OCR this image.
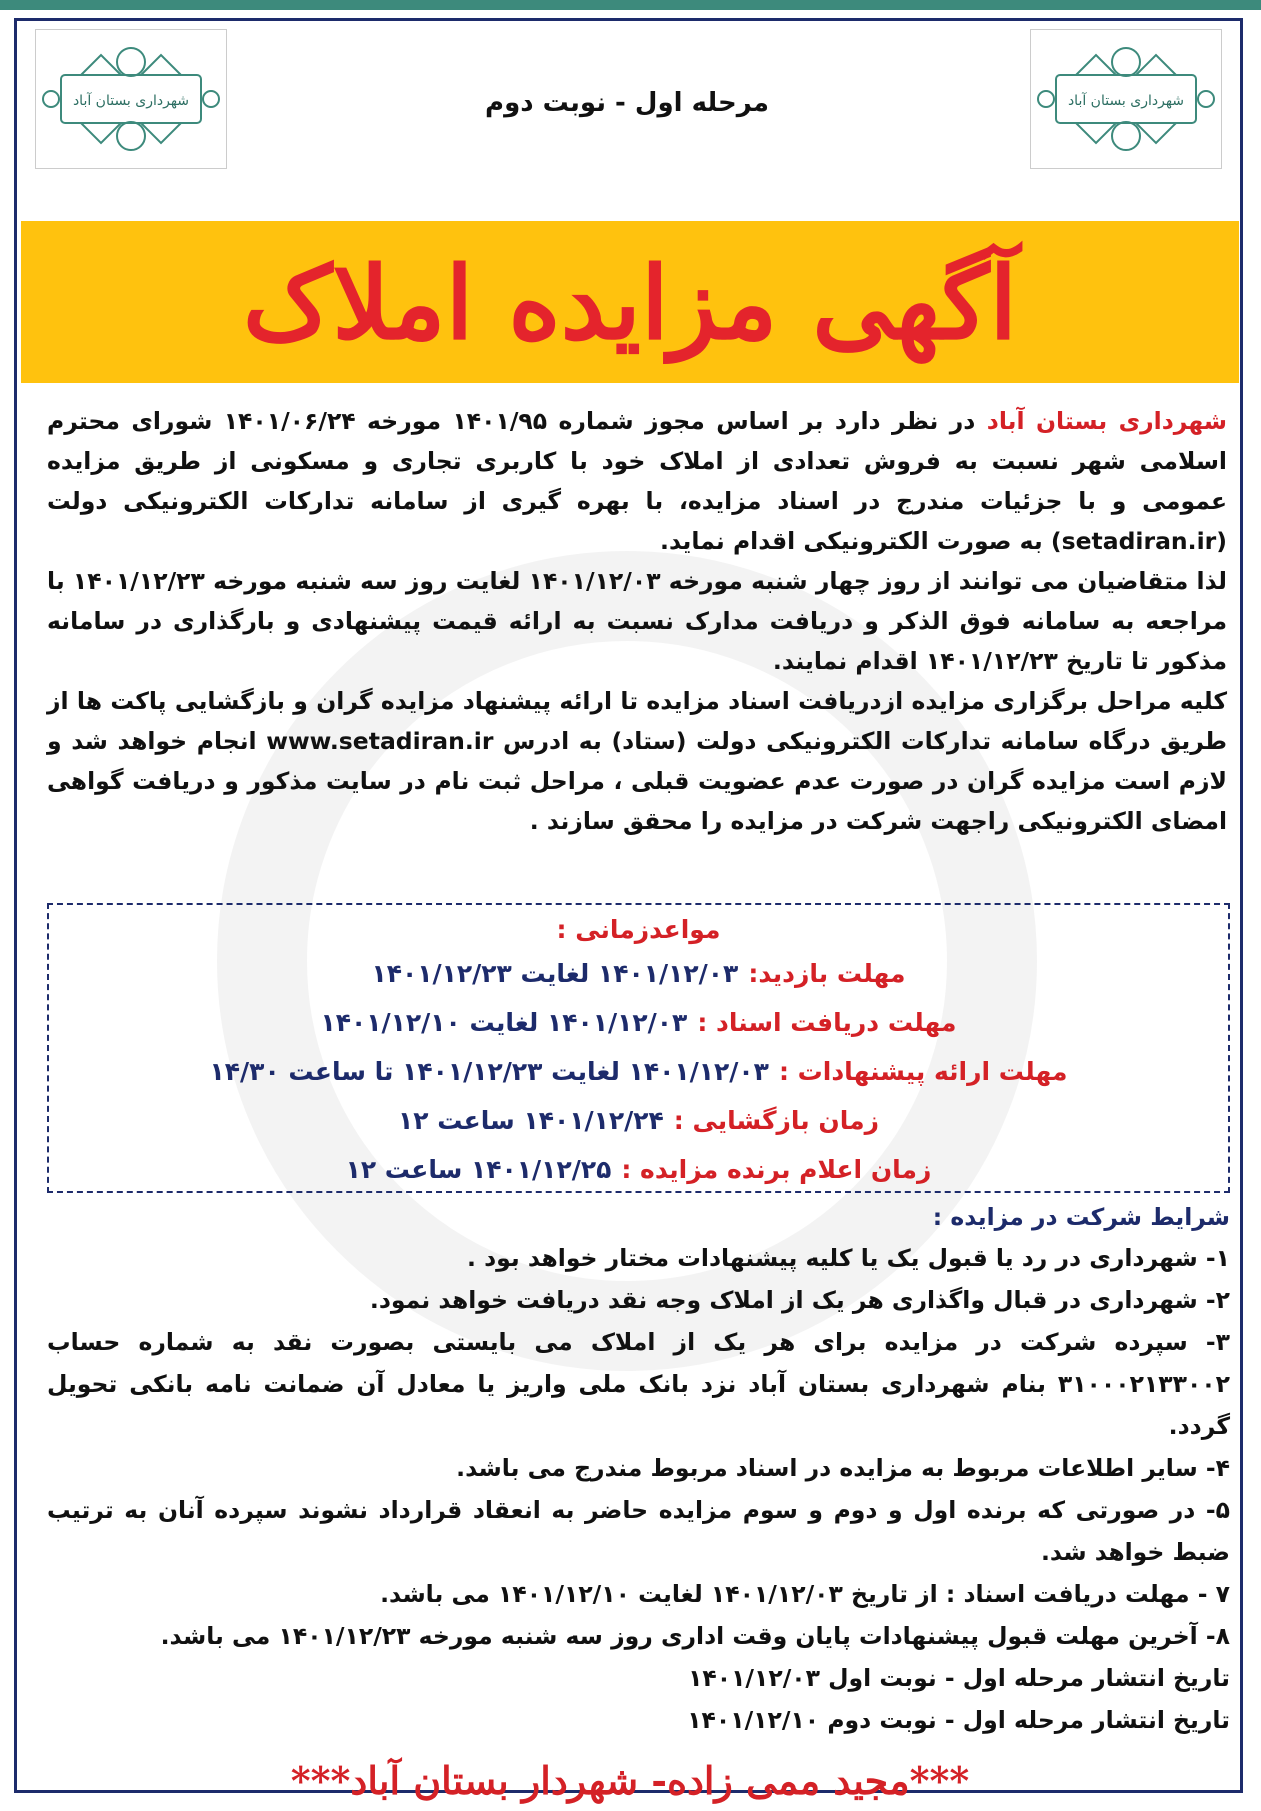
شهرداری بستان آباد	شهرداری بستان آباد
مرحله اول - نوبت دوم
آگهی مزایده املاک

شهرداری بستان آباد در نظر دارد بر اساس مجوز شماره ۱۴۰۱/۹۵ مورخه ۱۴۰۱/۰۶/۲۴ شورای محترم اسلامی شهر نسبت به فروش تعدادی از املاک خود با کاربری تجاری و مسکونی از طریق مزایده عمومی و با جزئیات مندرج در اسناد مزایده، با بهره گیری از سامانه تدارکات الکترونیکی دولت (setadiran.ir) به صورت الکترونیکی اقدام نماید.

لذا متقاضیان می توانند از روز چهار شنبه مورخه ۱۴۰۱/۱۲/۰۳ لغایت روز سه شنبه مورخه ۱۴۰۱/۱۲/۲۳ با مراجعه به سامانه فوق الذکر و دریافت مدارک نسبت به ارائه قیمت پیشنهادی و بارگذاری در سامانه مذکور تا تاریخ ۱۴۰۱/۱۲/۲۳ اقدام نمایند.

کلیه مراحل برگزاری مزایده ازدریافت اسناد مزایده تا ارائه پیشنهاد مزایده گران و بازگشایی پاکت ها از طریق درگاه سامانه تدارکات الکترونیکی دولت (ستاد) به ادرس www.setadiran.ir انجام خواهد شد و لازم است مزایده گران در صورت عدم عضویت قبلی ، مراحل ثبت نام در سایت مذکور و دریافت گواهی امضای الکترونیکی راجهت شرکت در مزایده را محقق سازند .

مواعدزمانی :
مهلت بازدید:۱۴۰۱/۱۲/۰۳ لغایت ۱۴۰۱/۱۲/۲۳
مهلت دریافت اسناد :۱۴۰۱/۱۲/۰۳ لغایت ۱۴۰۱/۱۲/۱۰
مهلت ارائه پیشنهادات :۱۴۰۱/۱۲/۰۳ لغایت ۱۴۰۱/۱۲/۲۳ تا ساعت ۱۴/۳۰
زمان بازگشایی :۱۴۰۱/۱۲/۲۴ ساعت ۱۲
زمان اعلام برنده مزایده :۱۴۰۱/۱۲/۲۵ ساعت ۱۲
شرایط شرکت در مزایده :

۱- شهرداری در رد یا قبول یک یا کلیه پیشنهادات مختار خواهد بود .

۲- شهرداری در قبال واگذاری هر یک از املاک وجه نقد دریافت خواهد نمود.

۳- سپرده شرکت در مزایده برای هر یک از املاک می بایستی بصورت نقد به شماره حساب ۳۱۰۰۰۲۱۳۳۰۰۲ بنام شهرداری بستان آباد نزد بانک ملی واریز یا معادل آن ضمانت نامه بانکی تحویل گردد.

۴- سایر اطلاعات مربوط به مزایده در اسناد مربوط مندرج می باشد.

۵- در صورتی که برنده اول و دوم و سوم مزایده حاضر به انعقاد قرارداد نشوند سپرده آنان به ترتیب ضبط خواهد شد.

۷ - مهلت دریافت اسناد : از تاریخ ۱۴۰۱/۱۲/۰۳ لغایت ۱۴۰۱/۱۲/۱۰ می باشد.

۸- آخرین مهلت قبول پیشنهادات پایان وقت اداری روز سه شنبه مورخه ۱۴۰۱/۱۲/۲۳ می باشد.

تاریخ انتشار مرحله اول - نوبت اول ۱۴۰۱/۱۲/۰۳

تاریخ انتشار مرحله اول - نوبت دوم ۱۴۰۱/۱۲/۱۰

***مجید ممی زاده- شهردار بستان آباد***
